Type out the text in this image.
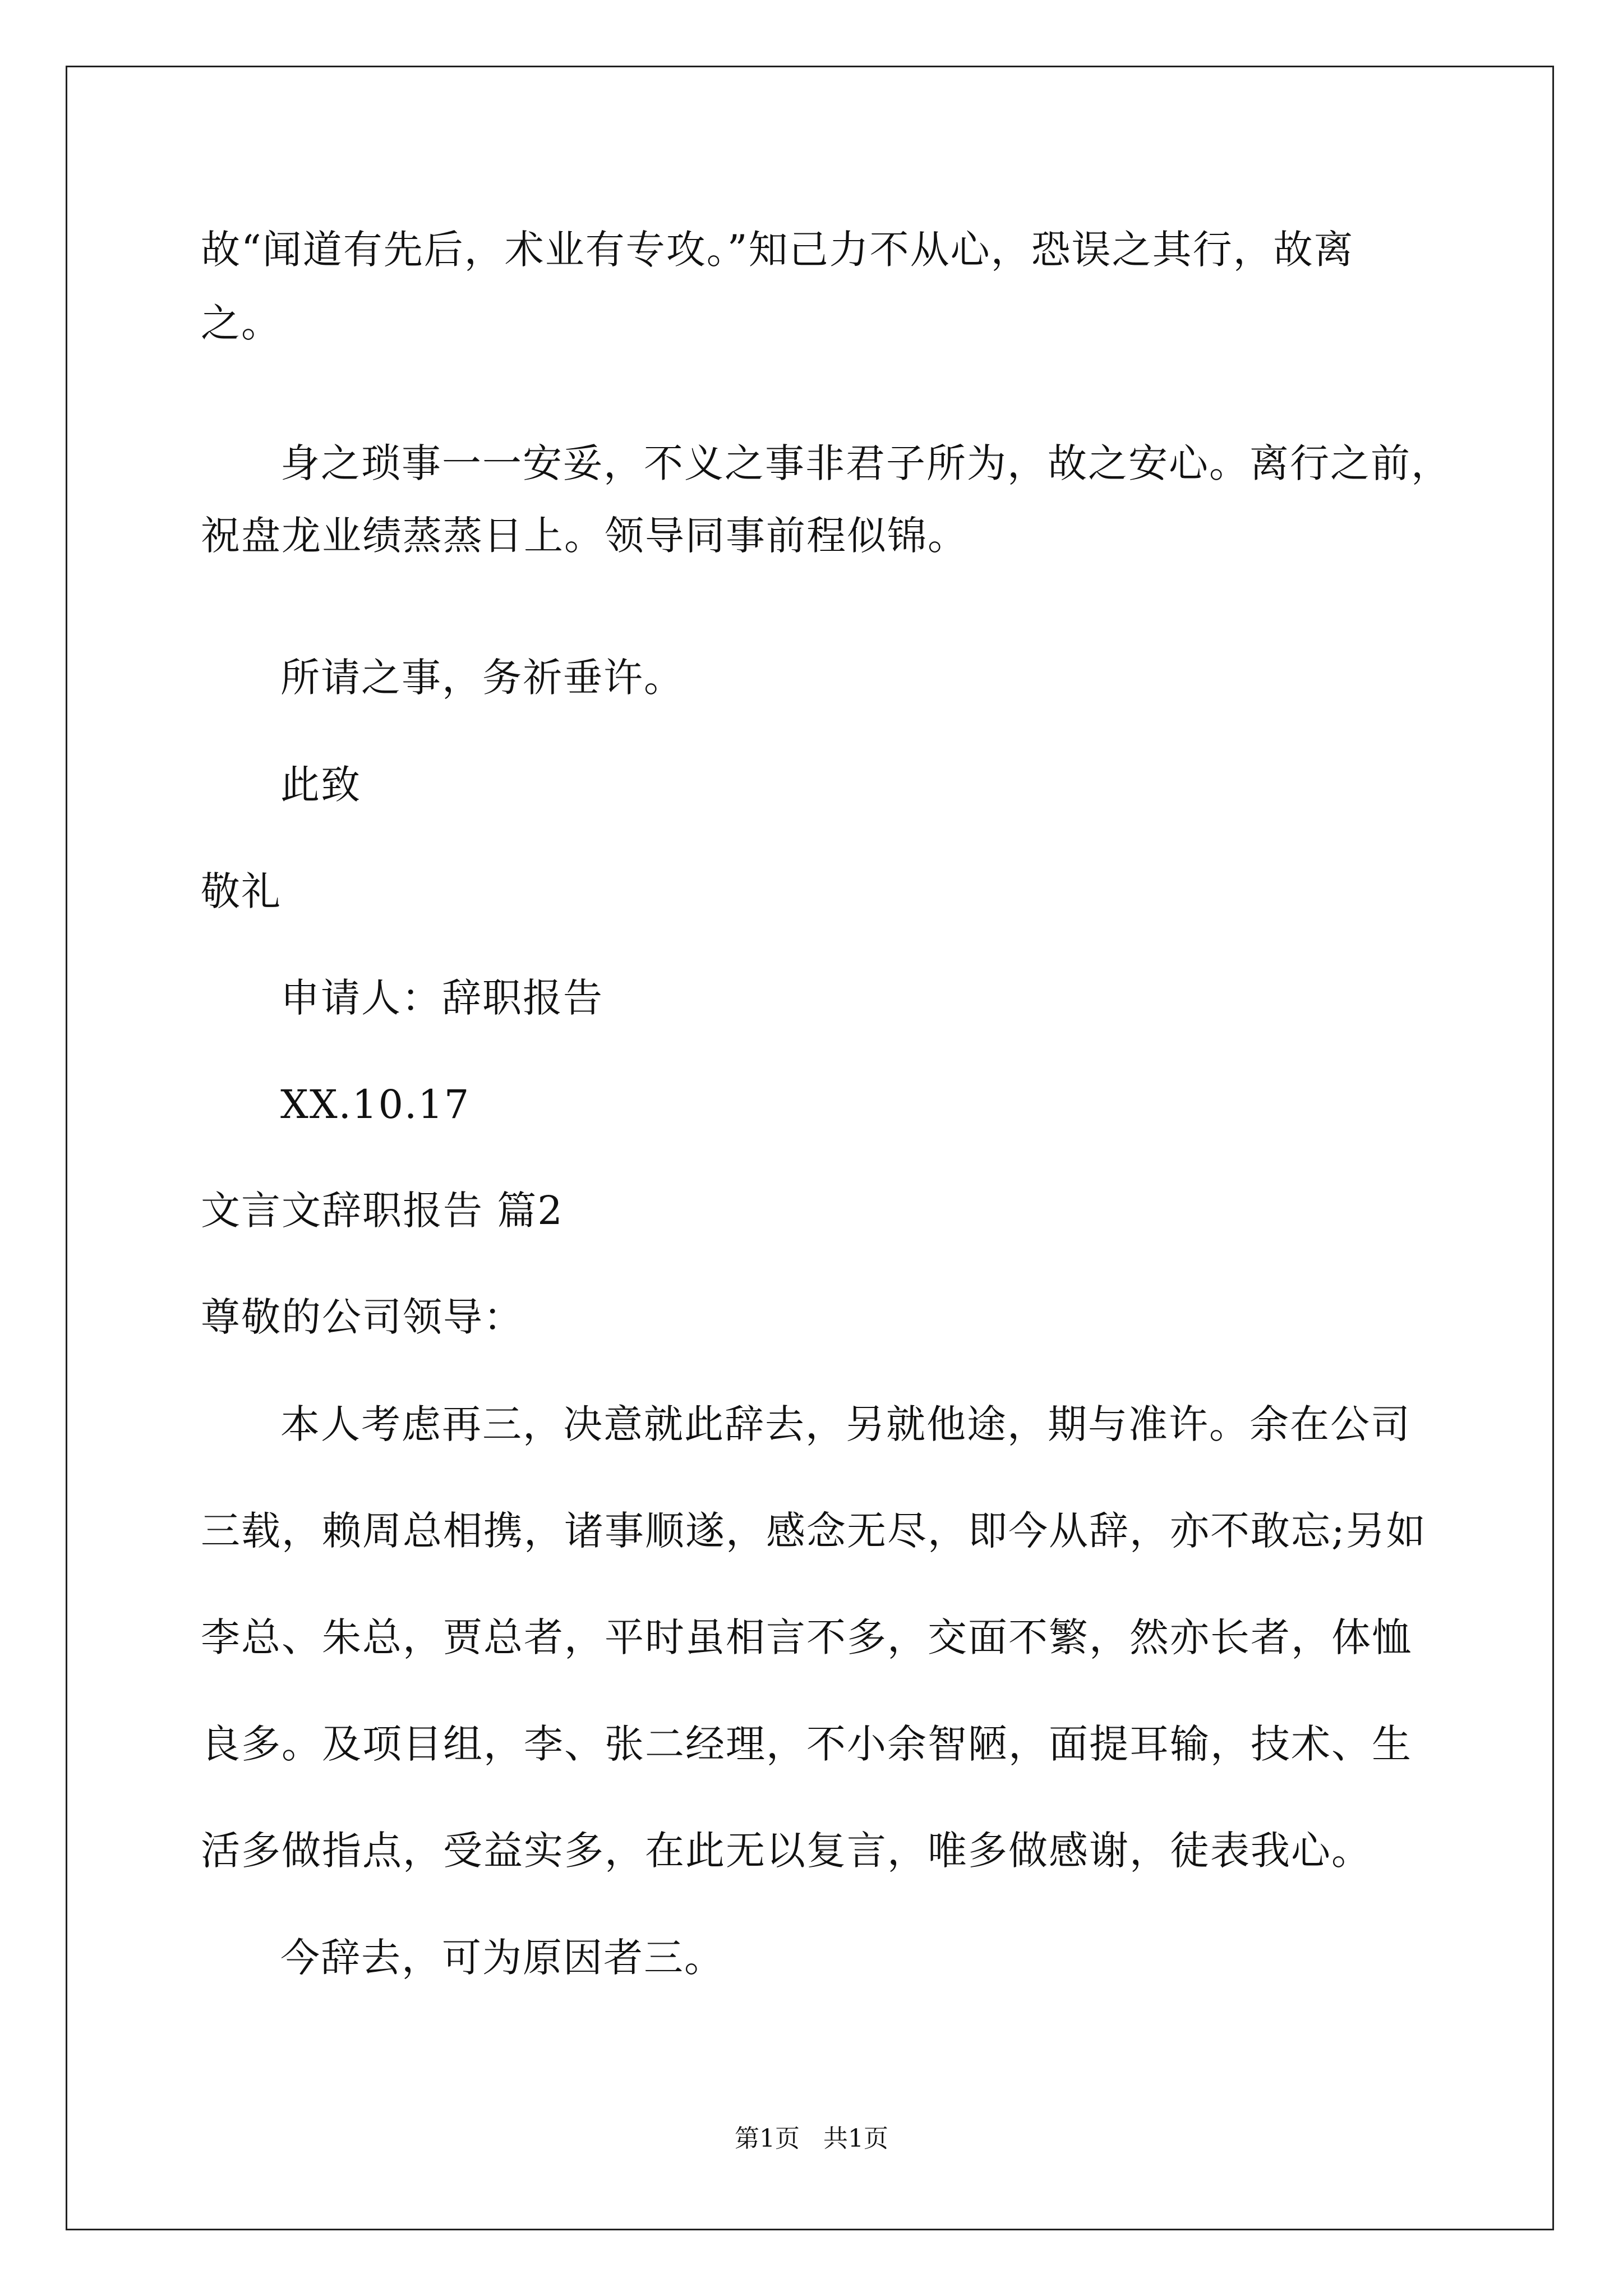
故“闻道有先后，术业有专攻。”知己力不从心，恐误之其行，故离
之。
身之琐事一一安妥，不义之事非君子所为，故之安心。离行之前，
祝盘龙业绩蒸蒸日上。领导同事前程似锦。
所请之事，务祈垂许。
此致
敬礼
申请人：辞职报告
XX.10.17
文言文辞职报告 篇2
尊敬的公司领导：
本人考虑再三，决意就此辞去，另就他途，期与准许。余在公司
三载，赖周总相携，诸事顺遂，感念无尽，即今从辞，亦不敢忘;另如
李总、朱总，贾总者，平时虽相言不多，交面不繁，然亦长者，体恤
良多。及项目组，李、张二经理，不小余智陋，面提耳输，技术、生
活多做指点，受益实多，在此无以复言，唯多做感谢，徒表我心。
今辞去，可为原因者三。
第1页   共1页
